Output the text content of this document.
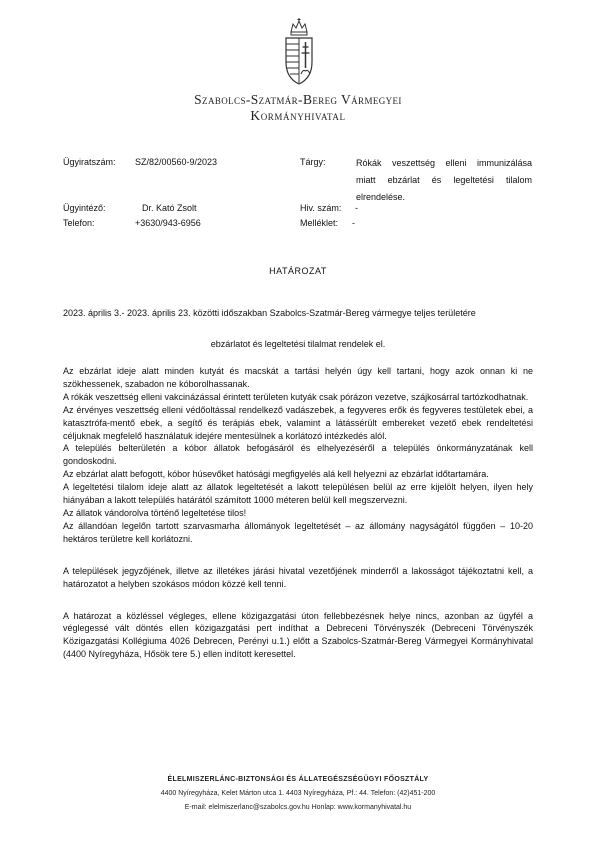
Szabolcs-Szatmár-Bereg Vármegyei
Kormányhivatal
Ügyiratszám: SZ/82/00560-9/2023
Ügyintéző:	Dr. Kató Zsolt
Telefon:	+3630/943-6956
Tárgy:	Rókák veszettség elleni immunizálása
miatt ebzárlat és legeltetési tilalom
elrendelése.
Hiv. szám: -
Melléklet: -
HATÁROZAT
2023. április 3.- 2023. április 23. közötti időszakban Szabolcs-Szatmár-Bereg vármegye teljes területére
ebzárlatot és legeltetési tilalmat rendelek el.

Az ebzárlat ideje alatt minden kutyát és macskát a tartási helyén úgy kell tartani, hogy azok onnan ki ne szökhessenek, szabadon ne kóborolhassanak.

A rókák veszettség elleni vakcinázással érintett területen kutyák csak pórázon vezetve, szájkosárral tartózkodhatnak.

Az érvényes veszettség elleni védőoltással rendelkező vadászebek, a fegyveres erők és fegyveres testületek ebei, a katasztrófa-mentő ebek, a segítő és terápiás ebek, valamint a látássérült embereket vezető ebek rendeltetési céljuknak megfelelő használatuk idejére mentesülnek a korlátozó intézkedés alól.

A település belterületén a kóbor állatok befogásáról és elhelyezéséről a település önkormányzatának kell gondoskodni.

Az ebzárlat alatt befogott, kóbor húsevőket hatósági megfigyelés alá kell helyezni az ebzárlat időtartamára.

A legeltetési tilalom ideje alatt az állatok legeltetését a lakott településen belül az erre kijelölt helyen, ilyen hely hiányában a lakott település határától számított 1000 méteren belül kell megszervezni.

Az állatok vándorolva történő legeltetése tilos!

Az állandóan legelőn tartott szarvasmarha állományok legeltetését – az állomány nagyságától függően – 10-20 hektáros területre kell korlátozni.

A települések jegyzőjének, illetve az illetékes járási hivatal vezetőjének minderről a lakosságot tájékoztatni kell, a határozatot a helyben szokásos módon közzé kell tenni.

A határozat a közléssel végleges, ellene közigazgatási úton fellebbezésnek helye nincs, azonban az ügyfél a véglegessé vált döntés ellen közigazgatási pert indíthat a Debreceni Törvényszék (Debreceni Törvényszék Közigazgatási Kollégiuma 4026 Debrecen, Perényi u.1.) előtt a Szabolcs-Szatmár-Bereg Vármegyei Kormányhivatal (4400 Nyíregyháza, Hősök tere 5.) ellen indított keresettel.

ÉLELMISZERLÁNC-BIZTONSÁGI ÉS ÁLLATEGÉSZSÉGÜGYI FŐOSZTÁLY
4400 Nyíregyháza, Kelet Márton utca 1. 4403 Nyíregyháza, Pf.: 44. Telefon: (42)451-200
E-mail: elelmiszerlanc@szabolcs.gov.hu Honlap: www.kormanyhivatal.hu
